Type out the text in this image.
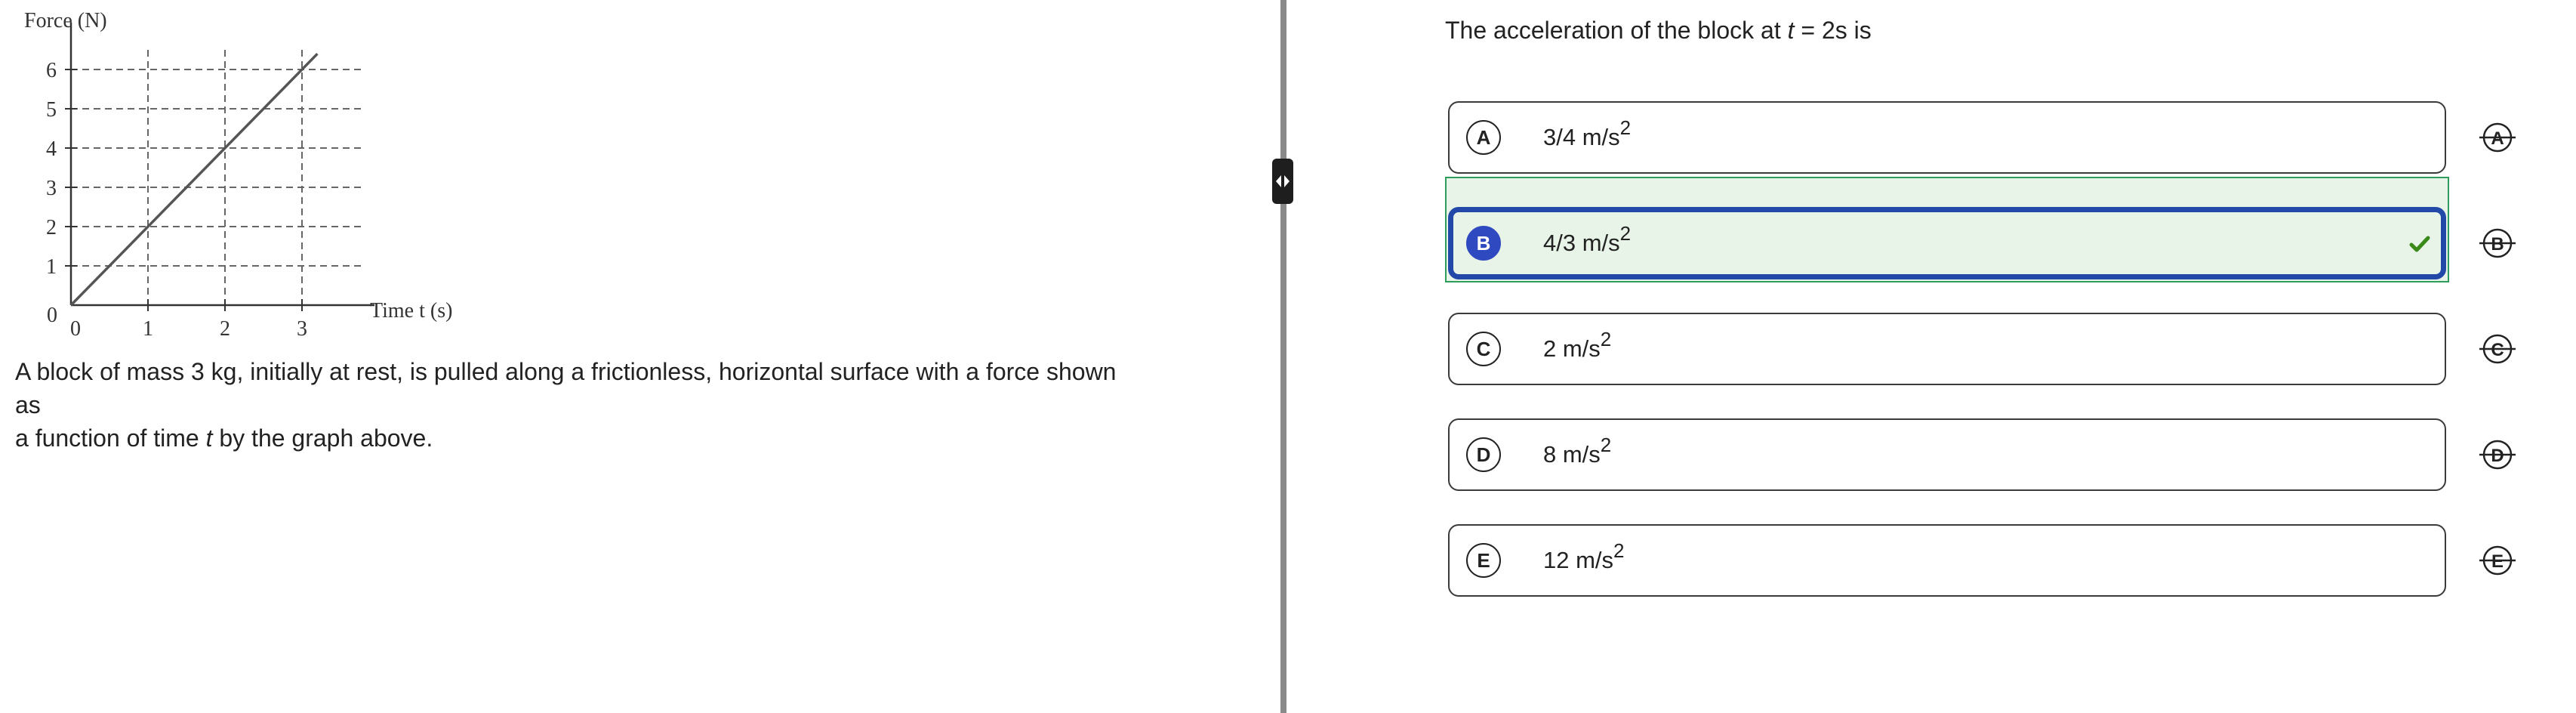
Force (N)
1
2
3
4
5
6
0	1	2	3
0	Time t (s)
A block of mass 3 kg, initially at rest, is pulled along a frictionless, horizontal surface with a force shown as
a function of time t by the graph above.
The acceleration of the block at t = 2s is
A	3/4 $m/s^2$
B	4/3 $m/s^2$
C	2 $m/s^2$
D	8 $m/s^2$
E	12 $m/s^2$
A
B
C
D
E
